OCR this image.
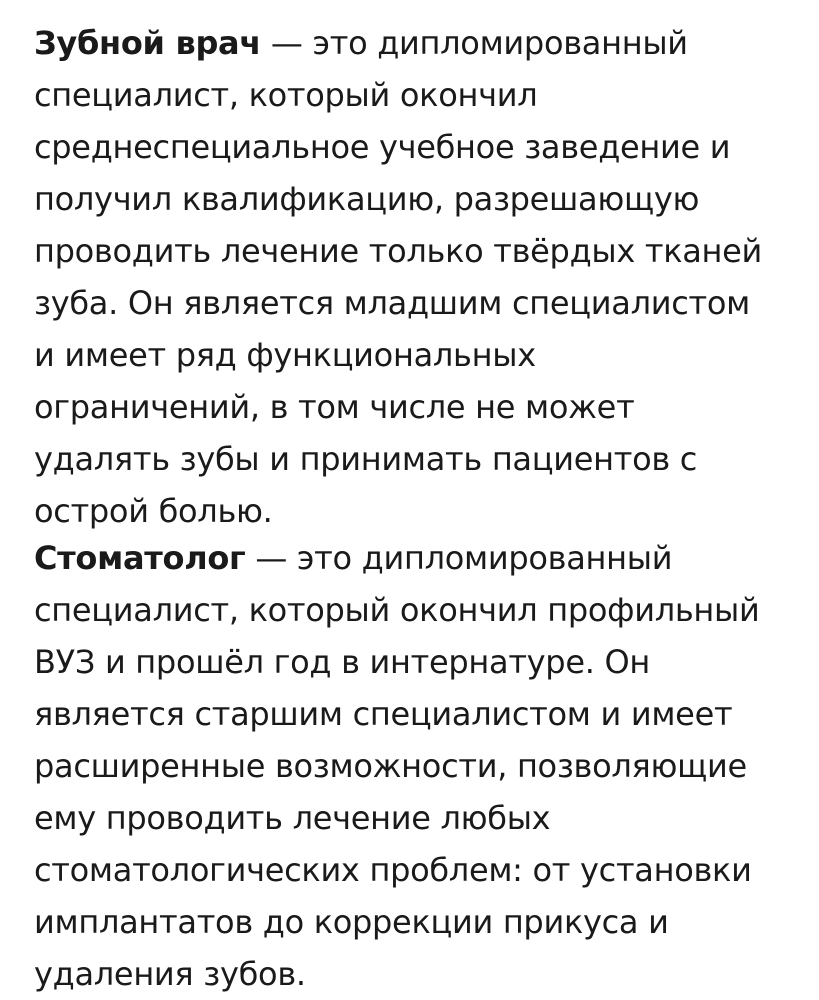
Зубной врач — это дипломированный
специалист, который окончил
среднеспециальное учебное заведение и
получил квалификацию, разрешающую
проводить лечение только твёрдых тканей
зуба. Он является младшим специалистом
и имеет ряд функциональных
ограничений, в том числе не может
удалять зубы и принимать пациентов с
острой болью.
Стоматолог — это дипломированный
специалист, который окончил профильный
ВУЗ и прошёл год в интернатуре. Он
является старшим специалистом и имеет
расширенные возможности, позволяющие
ему проводить лечение любых
стоматологических проблем: от установки
имплантатов до коррекции прикуса и
удаления зубов.
